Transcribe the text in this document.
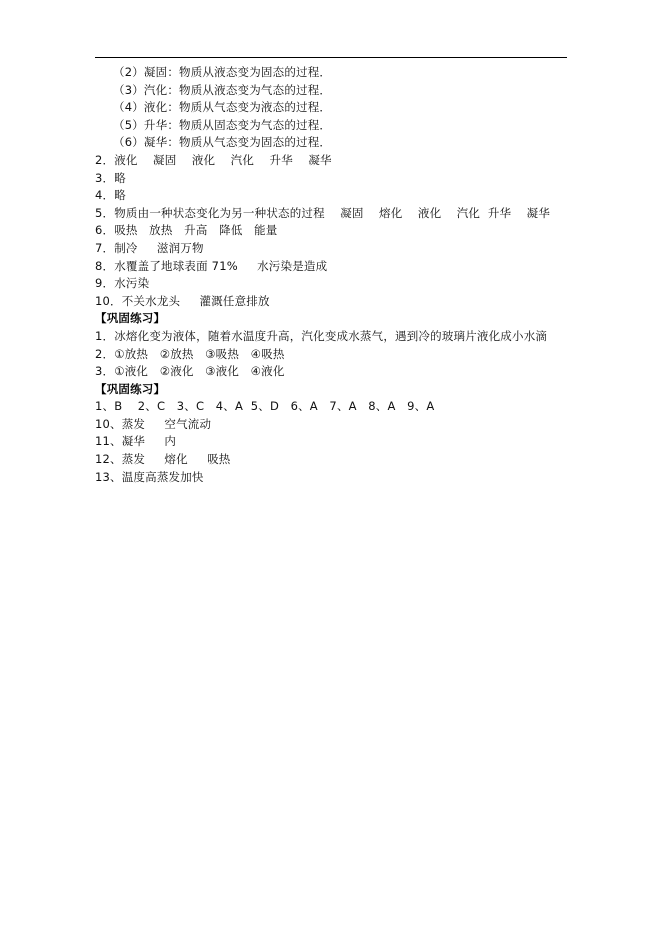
（2）凝固：物质从液态变为固态的过程．
（3）汽化：物质从液态变为气态的过程．
（4）液化：物质从气态变为液态的过程．
（5）升华：物质从固态变为气态的过程．
（6）凝华：物质从气态变为固态的过程．
2．液化    凝固    液化    汽化    升华    凝华
3．略
4．略
5．物质由一种状态变化为另一种状态的过程    凝固    熔化    液化    汽化  升华    凝华
6．吸热   放热   升高   降低   能量
7．制冷     滋润万物
8．水覆盖了地球表面 71%     水污染是造成
9．水污染
10．不关水龙头     灌溉任意排放
【巩固练习】
1．冰熔化变为液体，随着水温度升高，汽化变成水蒸气，遇到冷的玻璃片液化成小水滴
2．①放热   ②放热   ③吸热   ④吸热
3．①液化   ②液化   ③液化   ④液化
【巩固练习】
1、B    2、C   3、C   4、A  5、D   6、A   7、A   8、A   9、A
10、蒸发     空气流动
11、凝华     内
12、蒸发     熔化     吸热
13、温度高蒸发加快
